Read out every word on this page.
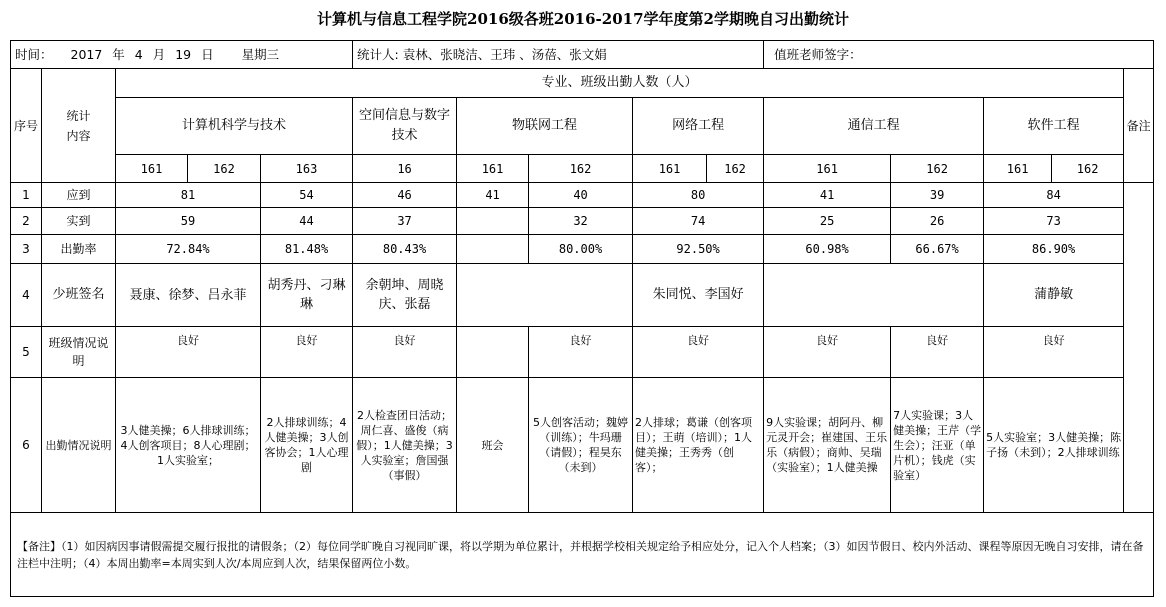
计算机与信息工程学院2016级各班2016-2017学年度第2学期晚自习出勤统计
时间： 2017 年 4 月 19 日 星期三					统计人: 袁林、张晓洁、王玮 、汤蓓、张文娟					值班老师签字：				
序号	统计
内容	专业、班级出勤人数（人）												备注
		计算机科学与技术			空间信息与数字技术	物联网工程		网络工程		通信工程		软件工程		
		161	162	163	16	161	162	161	162	161	162	161	162	
1	应到	81		54	46	41	40	80		41	39	84		
2	实到	59		44	37		32	74		25	26	73		
3	出勤率	72.84%		81.48%	80.43%		80.00%	92.50%		60.98%	66.67%	86.90%		
4	少班签名	聂康、徐梦、吕永菲		胡秀丹、刁琳琳	余朝坤、周晓庆、张磊			朱同悦、李国好				蒲静敏		
5	班级情况说明	良好		良好	良好		良好	良好		良好	良好	良好		
6	出勤情况说明	3人健美操；6人排球训练；4人创客项目；8人心理剧；1人实验室；		2人排球训练；4人健美操；3人创客协会；1人心理剧	2人检查团日活动；周仁喜、盛俊（病假）；1人健美操；3人实验室；詹国强（事假）	班会	5人创客活动；魏婷（训练）；牛玛珊（请假）；程昊东（未到）	2人排球；葛谦（创客项目）；王萌（培训）；1人健美操；王秀秀（创客）；		9人实验课；胡阿丹、柳元灵开会；崔建国、王乐乐（病假）；商帅、吴瑞（实验室）；1人健美操	7人实验课；3人健美操；王芹（学生会）；汪亚（单片机）；钱虎（实验室）	5人实验室；3人健美操；陈子扬（未到）；2人排球训练		
【备注】（1）如因病因事请假需提交履行报批的请假条；（2）每位同学旷晚自习视同旷课，将以学期为单位累计，并根据学校相关规定给予相应处分，记入个人档案；（3）如因节假日、校内外活动、课程等原因无晚自习安排，请在备注栏中注明；（4）本周出勤率=本周实到人次/本周应到人次，结果保留两位小数。														
